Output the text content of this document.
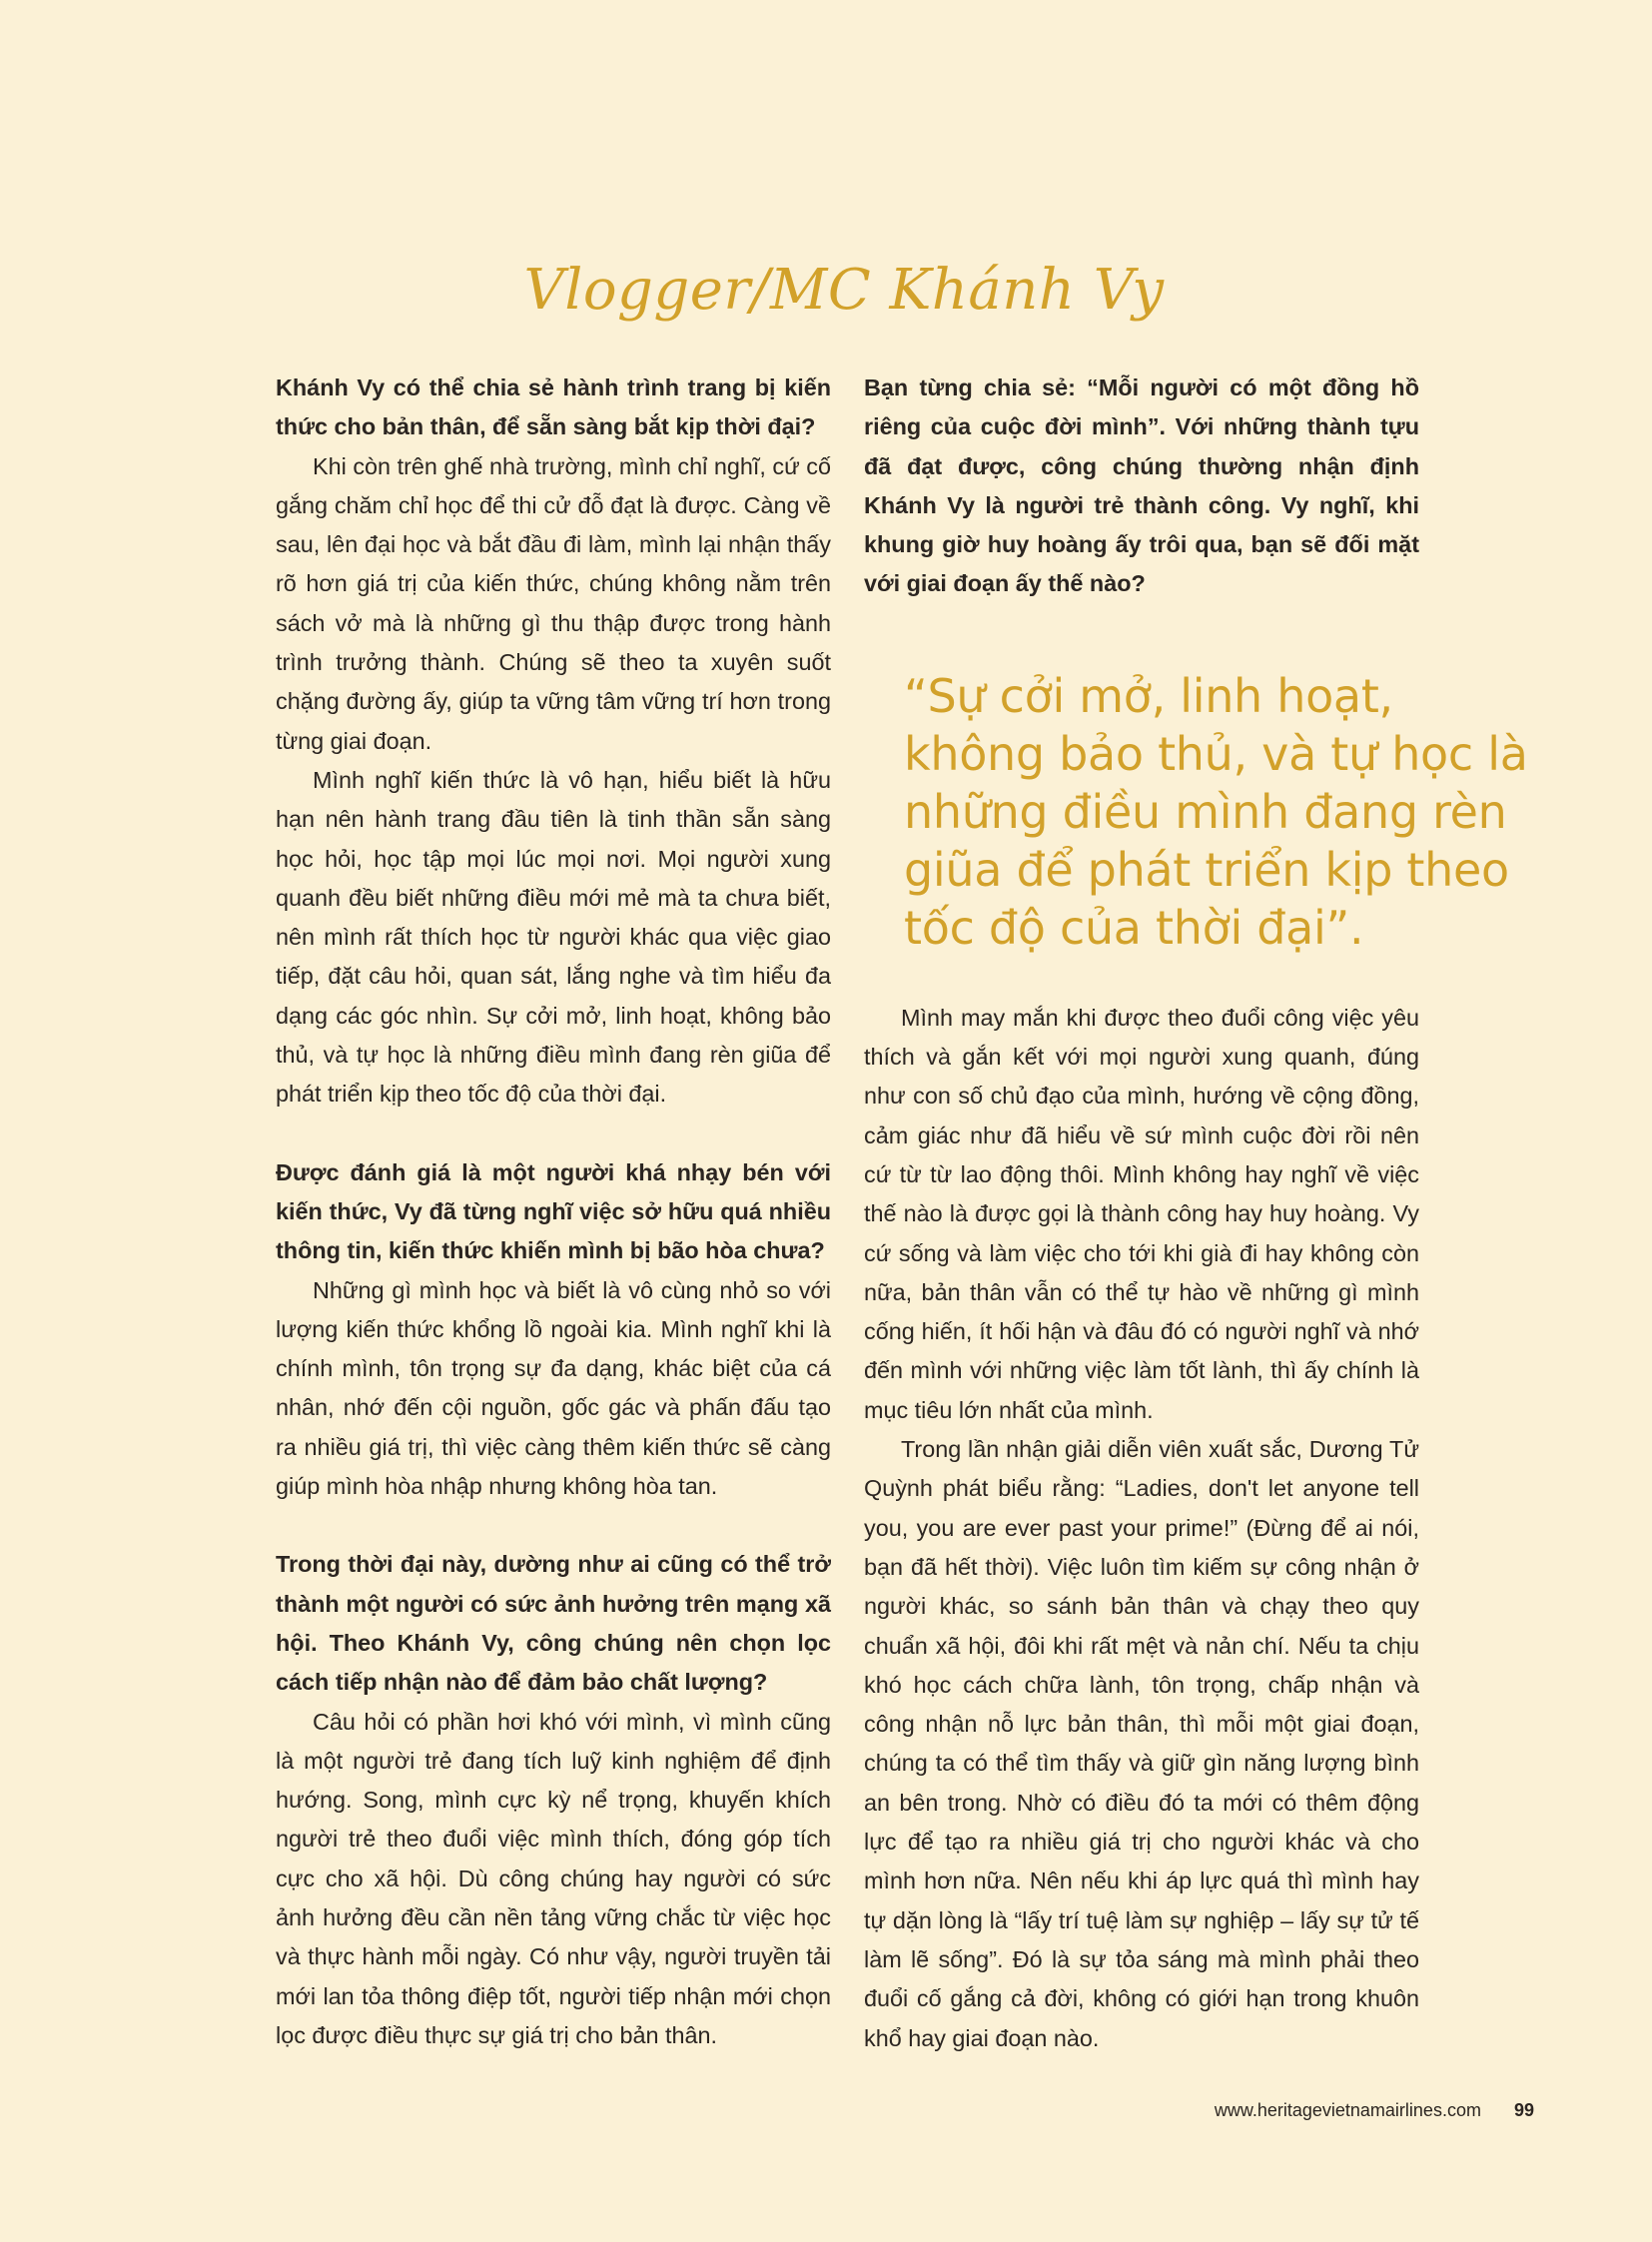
Vlogger/MC Khánh Vy

Khánh Vy có thể chia sẻ hành trình trang bị kiến thức cho bản thân, để sẵn sàng bắt kịp thời đại?

Khi còn trên ghế nhà trường, mình chỉ nghĩ, cứ cố gắng chăm chỉ học để thi cử đỗ đạt là được. Càng về sau, lên đại học và bắt đầu đi làm, mình lại nhận thấy rõ hơn giá trị của kiến thức, chúng không nằm trên sách vở mà là những gì thu thập được trong hành trình trưởng thành. Chúng sẽ theo ta xuyên suốt chặng đường ấy, giúp ta vững tâm vững trí hơn trong từng giai đoạn.

Mình nghĩ kiến thức là vô hạn, hiểu biết là hữu hạn nên hành trang đầu tiên là tinh thần sẵn sàng học hỏi, học tập mọi lúc mọi nơi. Mọi người xung quanh đều biết những điều mới mẻ mà ta chưa biết, nên mình rất thích học từ người khác qua việc giao tiếp, đặt câu hỏi, quan sát, lắng nghe và tìm hiểu đa dạng các góc nhìn. Sự cởi mở, linh hoạt, không bảo thủ, và tự học là những điều mình đang rèn giũa để phát triển kịp theo tốc độ của thời đại.

Được đánh giá là một người khá nhạy bén với kiến thức, Vy đã từng nghĩ việc sở hữu quá nhiều thông tin, kiến thức khiến mình bị bão hòa chưa?

Những gì mình học và biết là vô cùng nhỏ so với lượng kiến thức khổng lồ ngoài kia. Mình nghĩ khi là chính mình, tôn trọng sự đa dạng, khác biệt của cá nhân, nhớ đến cội nguồn, gốc gác và phấn đấu tạo ra nhiều giá trị, thì việc càng thêm kiến thức sẽ càng giúp mình hòa nhập nhưng không hòa tan.

Trong thời đại này, dường như ai cũng có thể trở thành một người có sức ảnh hưởng trên mạng xã hội. Theo Khánh Vy, công chúng nên chọn lọc cách tiếp nhận nào để đảm bảo chất lượng?

Câu hỏi có phần hơi khó với mình, vì mình cũng là một người trẻ đang tích luỹ kinh nghiệm để định hướng. Song, mình cực kỳ nể trọng, khuyến khích người trẻ theo đuổi việc mình thích, đóng góp tích cực cho xã hội. Dù công chúng hay người có sức ảnh hưởng đều cần nền tảng vững chắc từ việc học và thực hành mỗi ngày. Có như vậy, người truyền tải mới lan tỏa thông điệp tốt, người tiếp nhận mới chọn lọc được điều thực sự giá trị cho bản thân.

Bạn từng chia sẻ: “Mỗi người có một đồng hồ riêng của cuộc đời mình”. Với những thành tựu đã đạt được, công chúng thường nhận định Khánh Vy là người trẻ thành công. Vy nghĩ, khi khung giờ huy hoàng ấy trôi qua, bạn sẽ đối mặt với giai đoạn ấy thế nào?

“Sự cởi mở, linh hoạt, không bảo thủ, và tự học là những điều mình đang rèn giũa để phát triển kịp theo tốc độ của thời đại”.

Mình may mắn khi được theo đuổi công việc yêu thích và gắn kết với mọi người xung quanh, đúng như con số chủ đạo của mình, hướng về cộng đồng, cảm giác như đã hiểu về sứ mình cuộc đời rồi nên cứ từ từ lao động thôi. Mình không hay nghĩ về việc thế nào là được gọi là thành công hay huy hoàng. Vy cứ sống và làm việc cho tới khi già đi hay không còn nữa, bản thân vẫn có thể tự hào về những gì mình cống hiến, ít hối hận và đâu đó có người nghĩ và nhớ đến mình với những việc làm tốt lành, thì ấy chính là mục tiêu lớn nhất của mình.

Trong lần nhận giải diễn viên xuất sắc, Dương Tử Quỳnh phát biểu rằng: “Ladies, don't let anyone tell you, you are ever past your prime!” (Đừng để ai nói, bạn đã hết thời). Việc luôn tìm kiếm sự công nhận ở người khác, so sánh bản thân và chạy theo quy chuẩn xã hội, đôi khi rất mệt và nản chí. Nếu ta chịu khó học cách chữa lành, tôn trọng, chấp nhận và công nhận nỗ lực bản thân, thì mỗi một giai đoạn, chúng ta có thể tìm thấy và giữ gìn năng lượng bình an bên trong. Nhờ có điều đó ta mới có thêm động lực để tạo ra nhiều giá trị cho người khác và cho mình hơn nữa. Nên nếu khi áp lực quá thì mình hay tự dặn lòng là “lấy trí tuệ làm sự nghiệp – lấy sự tử tế làm lẽ sống”. Đó là sự tỏa sáng mà mình phải theo đuổi cố gắng cả đời, không có giới hạn trong khuôn khổ hay giai đoạn nào.

www.heritagevietnamairlines.com 99
